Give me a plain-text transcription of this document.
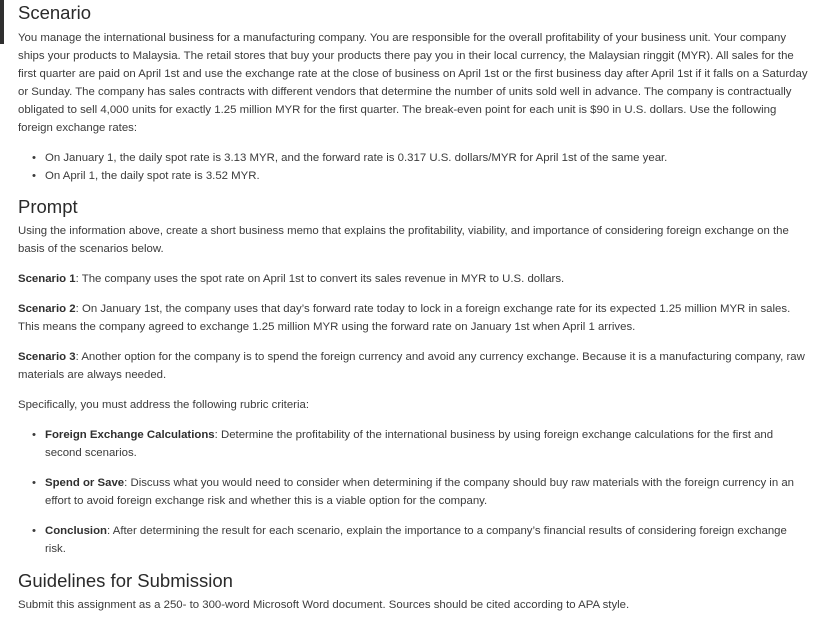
Scenario

You manage the international business for a manufacturing company. You are responsible for the overall profitability of your business unit. Your company ships your products to Malaysia. The retail stores that buy your products there pay you in their local currency, the Malaysian ringgit (MYR). All sales for the first quarter are paid on April 1st and use the exchange rate at the close of business on April 1st or the first business day after April 1st if it falls on a Saturday or Sunday. The company has sales contracts with different vendors that determine the number of units sold well in advance. The company is contractually obligated to sell 4,000 units for exactly 1.25 million MYR for the first quarter. The break-even point for each unit is $90 in U.S. dollars. Use the following foreign exchange rates:

• On January 1, the daily spot rate is 3.13 MYR, and the forward rate is 0.317 U.S. dollars/MYR for April 1st of the same year.
• On April 1, the daily spot rate is 3.52 MYR.
Prompt

Using the information above, create a short business memo that explains the profitability, viability, and importance of considering foreign exchange on the basis of the scenarios below.

Scenario 1: The company uses the spot rate on April 1st to convert its sales revenue in MYR to U.S. dollars.

Scenario 2: On January 1st, the company uses that day’s forward rate today to lock in a foreign exchange rate for its expected 1.25 million MYR in sales. This means the company agreed to exchange 1.25 million MYR using the forward rate on January 1st when April 1 arrives.

Scenario 3: Another option for the company is to spend the foreign currency and avoid any currency exchange. Because it is a manufacturing company, raw materials are always needed.

Specifically, you must address the following rubric criteria:

• Foreign Exchange Calculations: Determine the profitability of the international business by using foreign exchange calculations for the first and second scenarios.
• Spend or Save: Discuss what you would need to consider when determining if the company should buy raw materials with the foreign currency in an effort to avoid foreign exchange risk and whether this is a viable option for the company.
• Conclusion: After determining the result for each scenario, explain the importance to a company’s financial results of considering foreign exchange risk.
Guidelines for Submission

Submit this assignment as a 250- to 300-word Microsoft Word document. Sources should be cited according to APA style.
